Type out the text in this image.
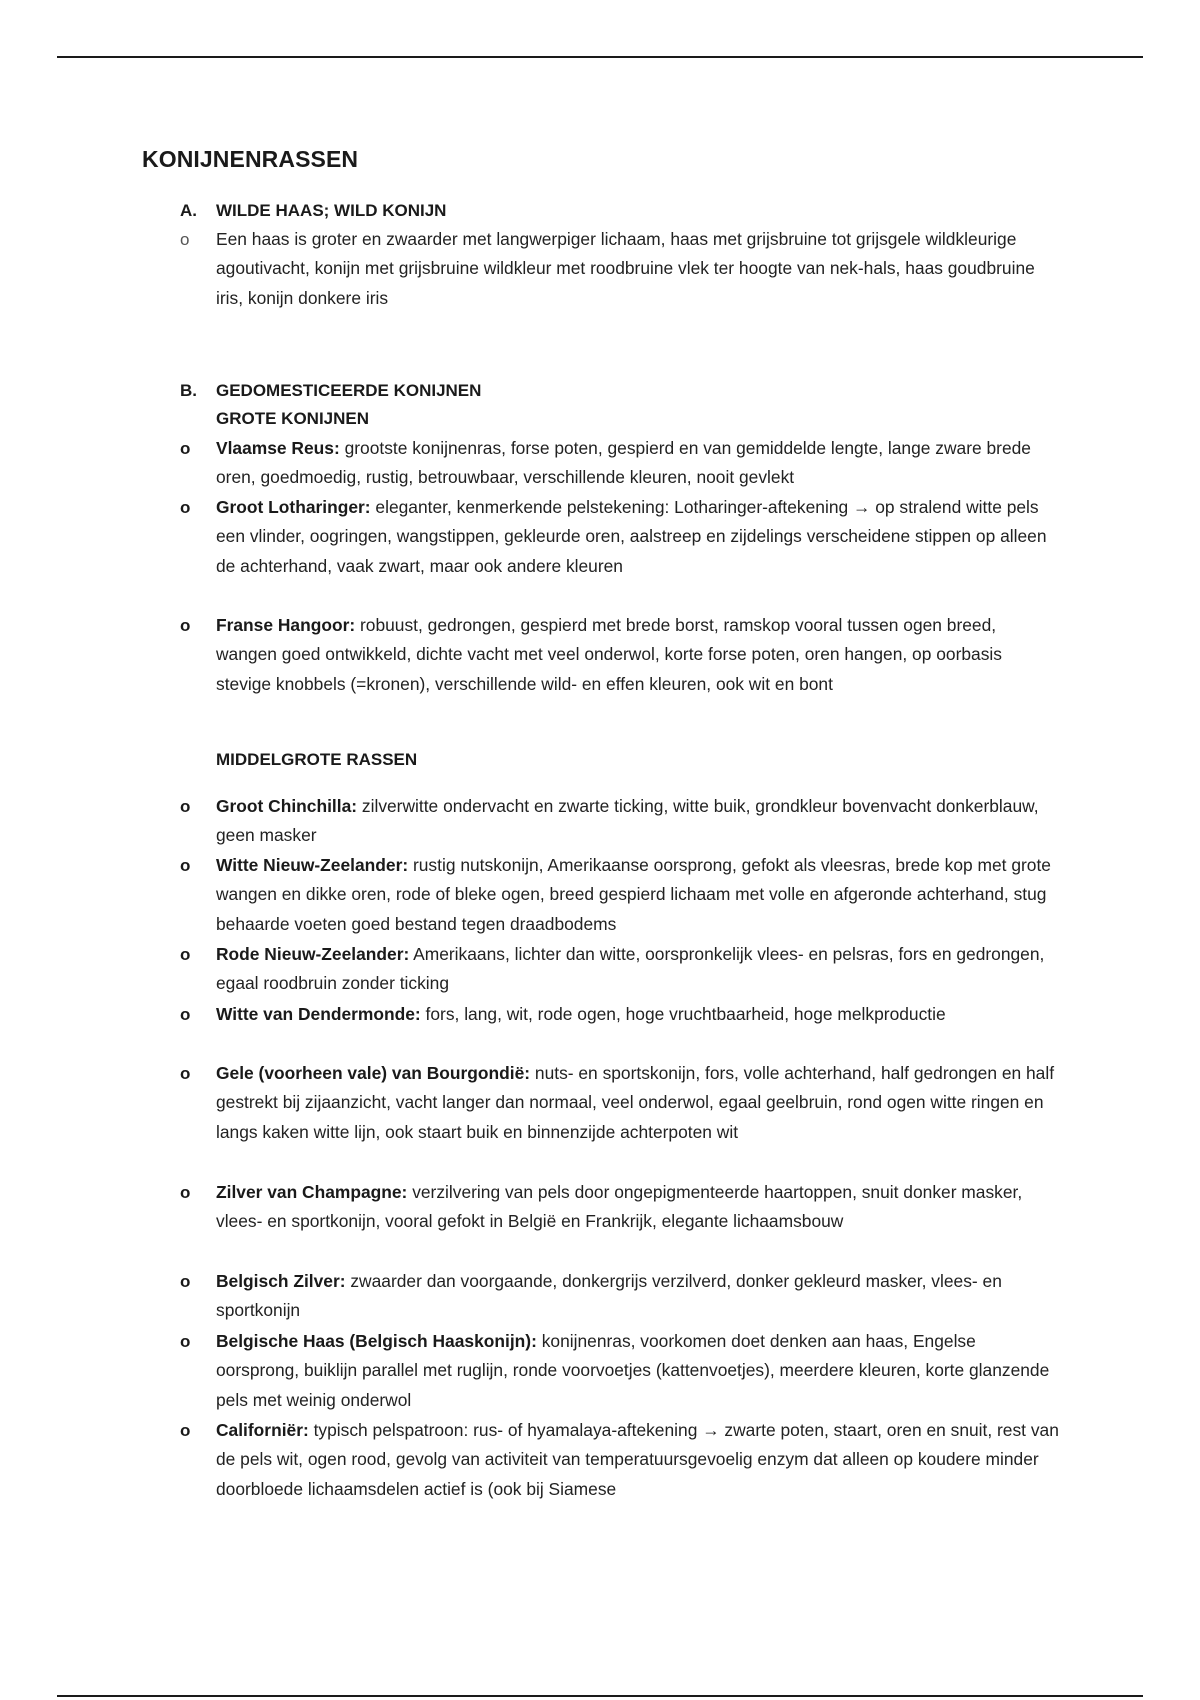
KONIJNENRASSEN
A. WILDE HAAS; WILD KONIJN
o	Een haas is groter en zwaarder met langwerpiger lichaam, haas met grijsbruine tot grijsgele wildkleurige agoutivacht, konijn met grijsbruine wildkleur met roodbruine vlek ter hoogte van nek-hals, haas goudbruine iris, konijn donkere iris
B. GEDOMESTICEERDE KONIJNEN
GROTE KONIJNEN
o	Vlaamse Reus: grootste konijnenras, forse poten, gespierd en van gemiddelde lengte, lange zware brede oren, goedmoedig, rustig, betrouwbaar, verschillende kleuren, nooit gevlekt
o	Groot Lotharinger: eleganter, kenmerkende pelstekening: Lotharinger-aftekening → op stralend witte pels een vlinder, oogringen, wangstippen, gekleurde oren, aalstreep en zijdelings verscheidene stippen op alleen de achterhand, vaak zwart, maar ook andere kleuren
o	Franse Hangoor: robuust, gedrongen, gespierd met brede borst, ramskop vooral tussen ogen breed, wangen goed ontwikkeld, dichte vacht met veel onderwol, korte forse poten, oren hangen, op oorbasis stevige knobbels (=kronen), verschillende wild- en effen kleuren, ook wit en bont
MIDDELGROTE RASSEN
o	Groot Chinchilla: zilverwitte ondervacht en zwarte ticking, witte buik, grondkleur bovenvacht donkerblauw, geen masker
o	Witte Nieuw-Zeelander: rustig nutskonijn, Amerikaanse oorsprong, gefokt als vleesras, brede kop met grote wangen en dikke oren, rode of bleke ogen, breed gespierd lichaam met volle en afgeronde achterhand, stug behaarde voeten goed bestand tegen draadbodems
o	Rode Nieuw-Zeelander: Amerikaans, lichter dan witte, oorspronkelijk vlees- en pelsras, fors en gedrongen, egaal roodbruin zonder ticking
o	Witte van Dendermonde: fors, lang, wit, rode ogen, hoge vruchtbaarheid, hoge melkproductie
o	Gele (voorheen vale) van Bourgondië: nuts- en sportskonijn, fors, volle achterhand, half gedrongen en half gestrekt bij zijaanzicht, vacht langer dan normaal, veel onderwol, egaal geelbruin, rond ogen witte ringen en langs kaken witte lijn, ook staart buik en binnenzijde achterpoten wit
o	Zilver van Champagne: verzilvering van pels door ongepigmenteerde haartoppen, snuit donker masker, vlees- en sportkonijn, vooral gefokt in België en Frankrijk, elegante lichaamsbouw
o	Belgisch Zilver: zwaarder dan voorgaande, donkergrijs verzilverd, donker gekleurd masker, vlees- en sportkonijn
o	Belgische Haas (Belgisch Haaskonijn): konijnenras, voorkomen doet denken aan haas, Engelse oorsprong, buiklijn parallel met ruglijn, ronde voorvoetjes (kattenvoetjes), meerdere kleuren, korte glanzende pels met weinig onderwol
o	Californiër: typisch pelspatroon: rus- of hyamalaya-aftekening → zwarte poten, staart, oren en snuit, rest van de pels wit, ogen rood, gevolg van activiteit van temperatuursgevoelig enzym dat alleen op koudere minder doorbloede lichaamsdelen actief is (ook bij Siamese
